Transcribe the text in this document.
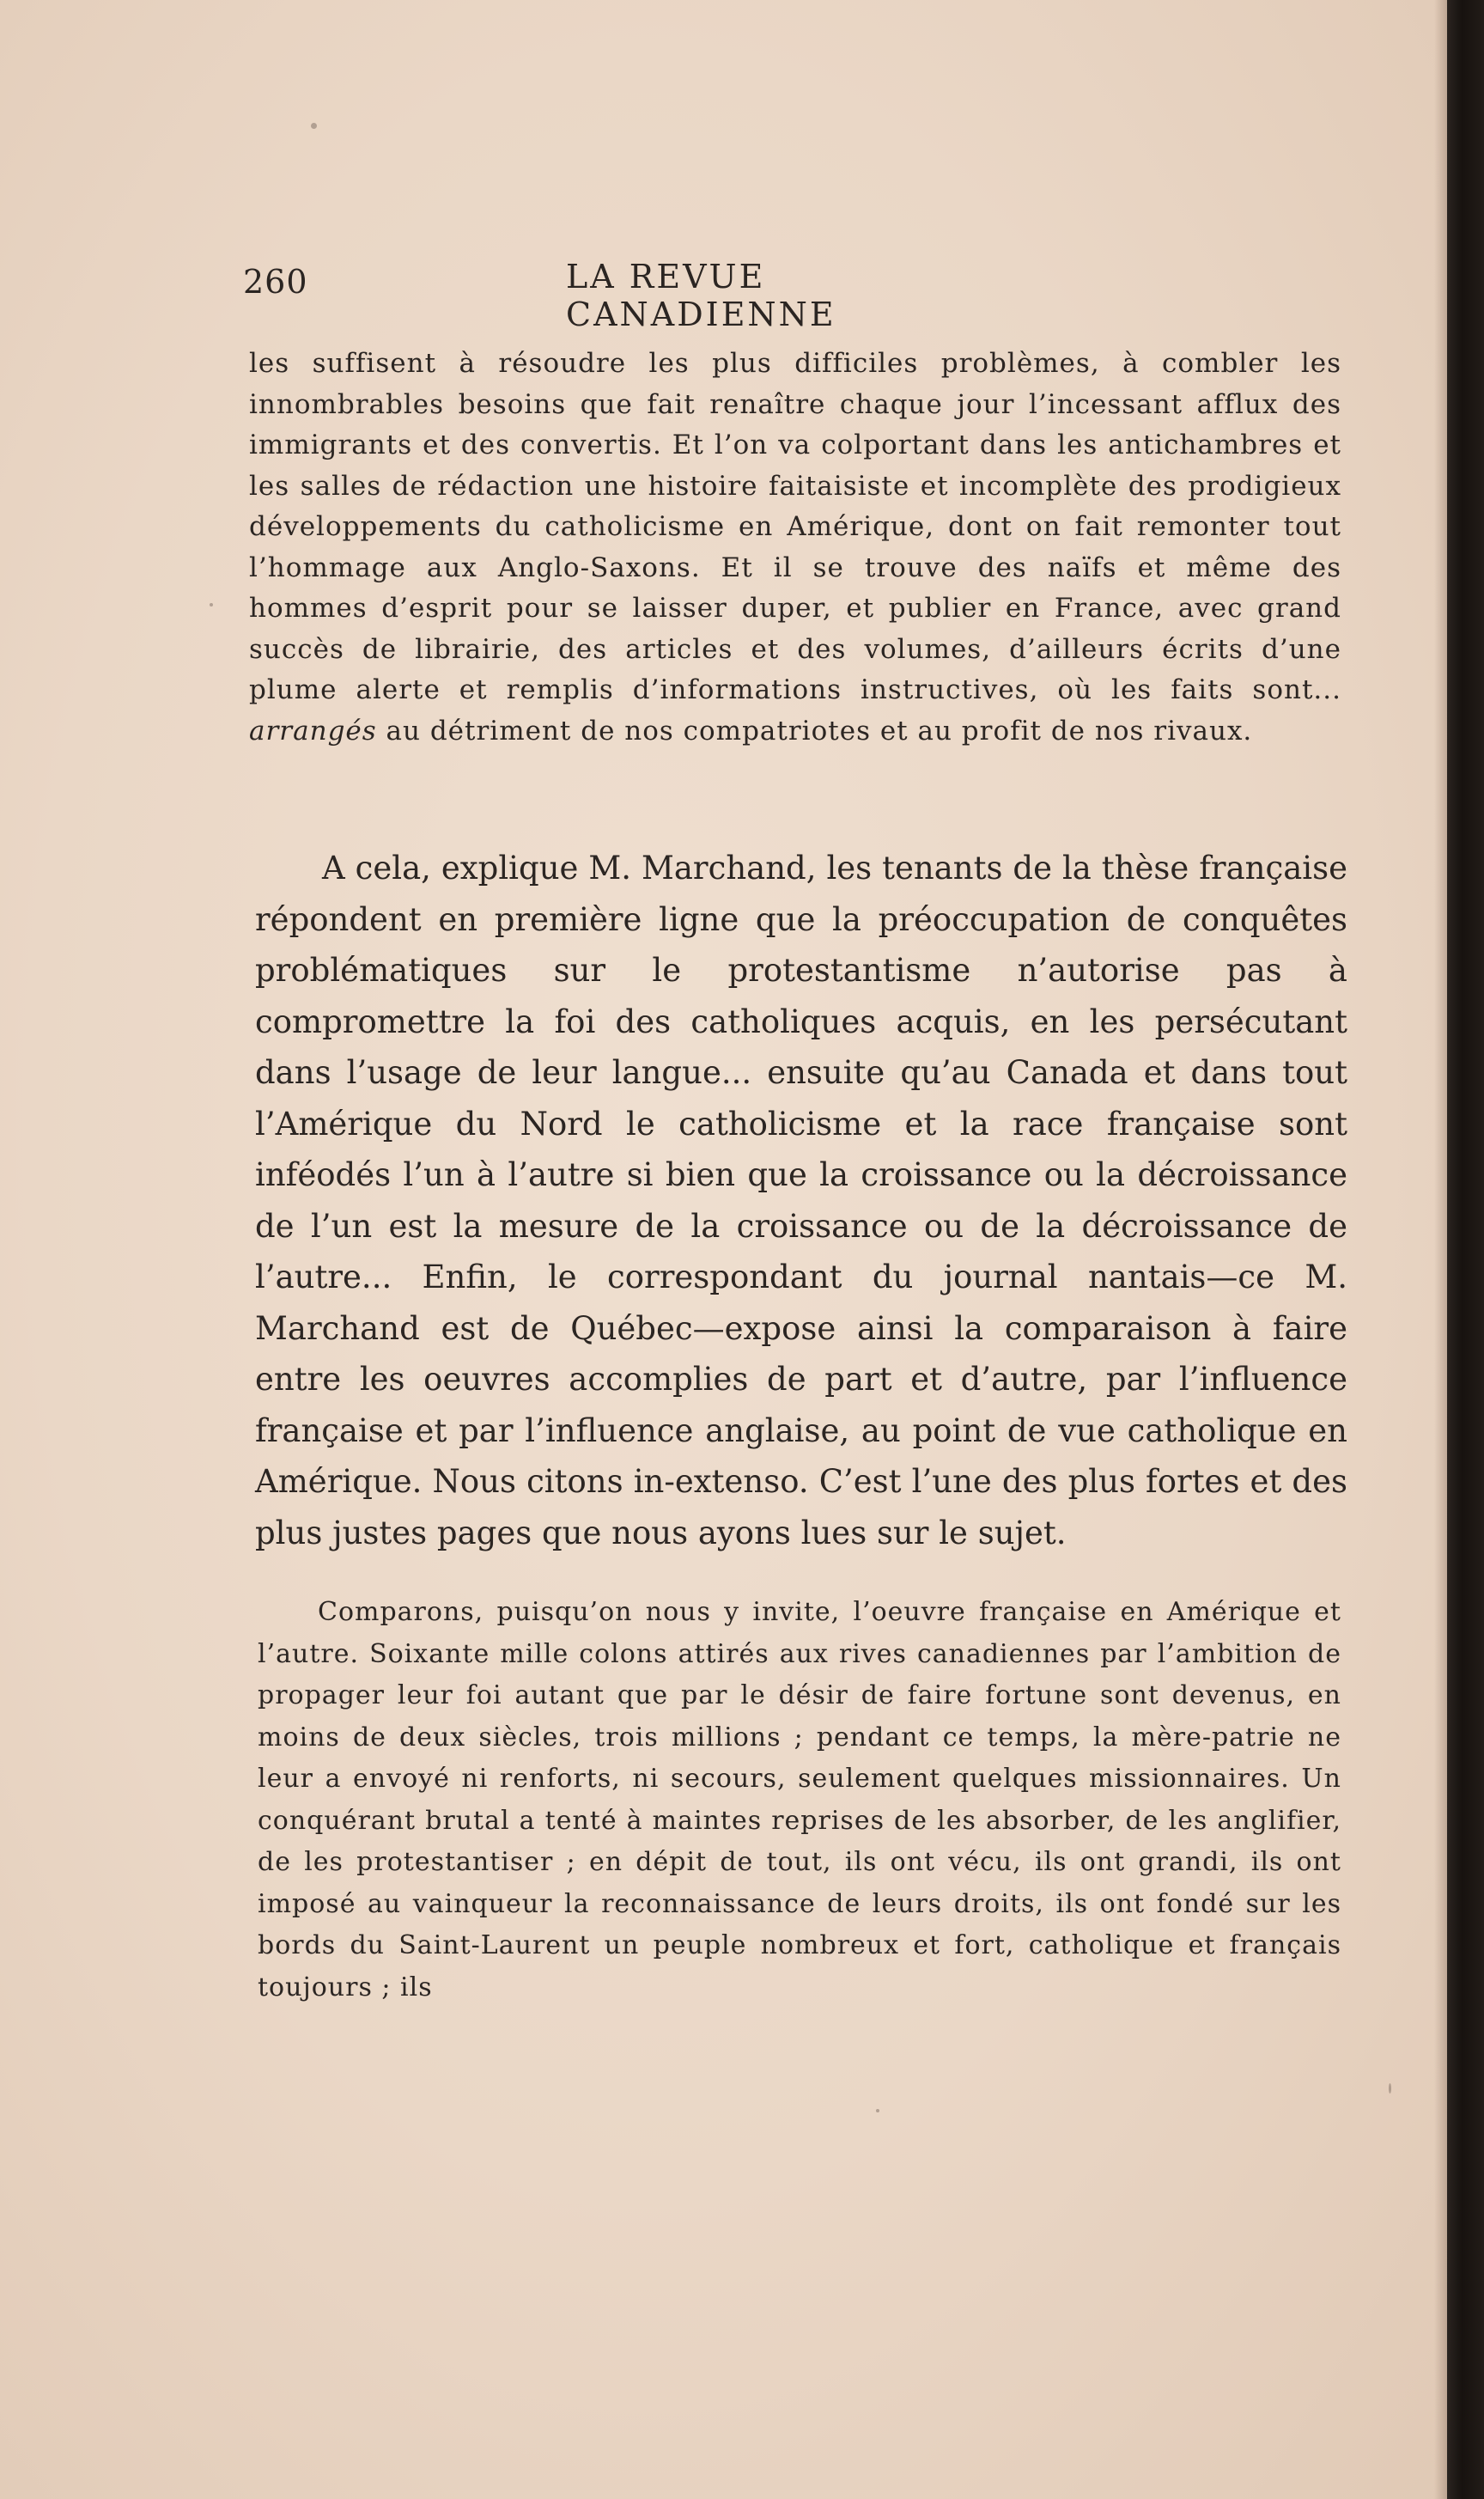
260	LA REVUE CANADIENNE

les suffisent à résoudre les plus difficiles problèmes, à combler les innombrables besoins que fait renaître chaque jour l’incessant afflux des immigrants et des convertis. Et l’on va colportant dans les antichambres et les salles de rédaction une histoire faitaisiste et incomplète des prodigieux développements du catholicisme en Amérique, dont on fait remonter tout l’hommage aux Anglo-Saxons. Et il se trouve des naïfs et même des hommes d’esprit pour se laisser duper, et publier en France, avec grand succès de librairie, des articles et des volumes, d’ailleurs écrits d’une plume alerte et remplis d’informations instructives, où les faits sont... arrangés au détriment de nos compatriotes et au profit de nos rivaux.

A cela, explique M. Marchand, les tenants de la thèse française répondent en première ligne que la préoccupation de conquêtes problématiques sur le protestantisme n’autorise pas à compromettre la foi des catholiques acquis, en les persécutant dans l’usage de leur langue... ensuite qu’au Canada et dans tout l’Amérique du Nord le catholicisme et la race française sont inféodés l’un à l’autre si bien que la croissance ou la décroissance de l’un est la mesure de la croissance ou de la décroissance de l’autre... Enfin, le correspondant du journal nantais—ce M. Marchand est de Québec—expose ainsi la comparaison à faire entre les oeuvres accomplies de part et d’autre, par l’influence française et par l’influence anglaise, au point de vue catholique en Amérique. Nous citons in-extenso. C’est l’une des plus fortes et des plus justes pages que nous ayons lues sur le sujet.

Comparons, puisqu’on nous y invite, l’oeuvre française en Amérique et l’autre. Soixante mille colons attirés aux rives canadiennes par l’ambition de propager leur foi autant que par le désir de faire fortune sont devenus, en moins de deux siècles, trois millions ; pendant ce temps, la mère-patrie ne leur a envoyé ni renforts, ni secours, seulement quelques missionnaires. Un conquérant brutal a tenté à maintes reprises de les absorber, de les anglifier, de les protestantiser ; en dépit de tout, ils ont vécu, ils ont grandi, ils ont imposé au vainqueur la reconnaissance de leurs droits, ils ont fondé sur les bords du Saint-Laurent un peuple nombreux et fort, catholique et français toujours ; ils
